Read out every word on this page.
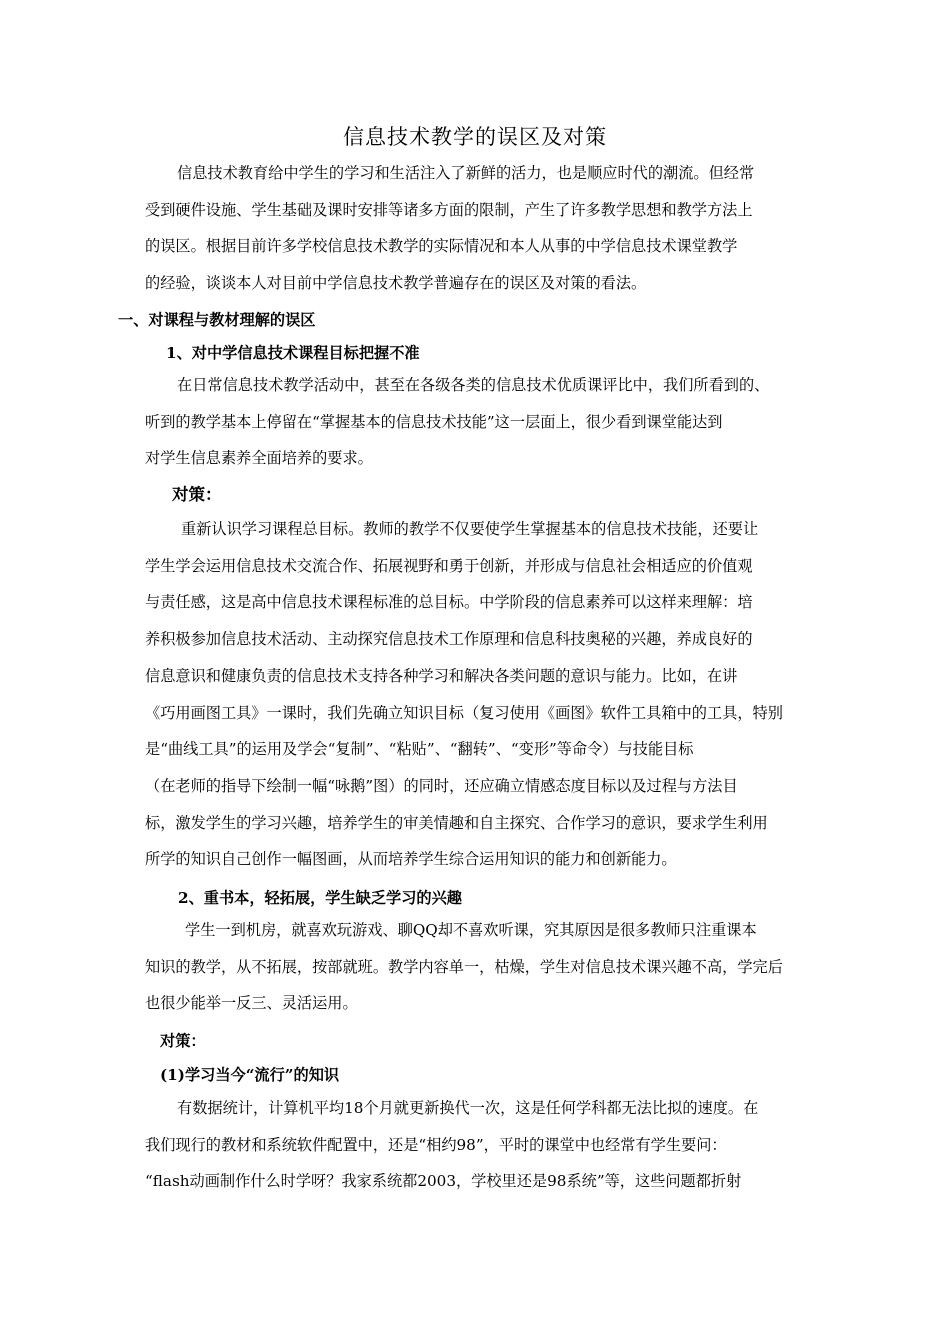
信息技术教学的误区及对策
信息技术教育给中学生的学习和生活注入了新鲜的活力，也是顺应时代的潮流。但经常
受到硬件设施、学生基础及课时安排等诸多方面的限制，产生了许多教学思想和教学方法上
的误区。根据目前许多学校信息技术教学的实际情况和本人从事的中学信息技术课堂教学
的经验，谈谈本人对目前中学信息技术教学普遍存在的误区及对策的看法。
一、对课程与教材理解的误区
1、对中学信息技术课程目标把握不准
在日常信息技术教学活动中，甚至在各级各类的信息技术优质课评比中，我们所看到的、
听到的教学基本上停留在“掌握基本的信息技术技能”这一层面上，很少看到课堂能达到
对学生信息素养全面培养的要求。
对策：
重新认识学习课程总目标。教师的教学不仅要使学生掌握基本的信息技术技能，还要让
学生学会运用信息技术交流合作、拓展视野和勇于创新，并形成与信息社会相适应的价值观
与责任感，这是高中信息技术课程标准的总目标。中学阶段的信息素养可以这样来理解：培
养积极参加信息技术活动、主动探究信息技术工作原理和信息科技奥秘的兴趣，养成良好的
信息意识和健康负责的信息技术支持各种学习和解决各类问题的意识与能力。比如，在讲
《巧用画图工具》一课时，我们先确立知识目标（复习使用《画图》软件工具箱中的工具，特别
是“曲线工具”的运用及学会“复制”、“粘贴”、“翻转”、“变形”等命令）与技能目标
（在老师的指导下绘制一幅“咏鹅”图）的同时，还应确立情感态度目标以及过程与方法目
标，激发学生的学习兴趣，培养学生的审美情趣和自主探究、合作学习的意识，要求学生利用
所学的知识自己创作一幅图画，从而培养学生综合运用知识的能力和创新能力。
2、重书本，轻拓展，学生缺乏学习的兴趣
学生一到机房，就喜欢玩游戏、聊QQ却不喜欢听课，究其原因是很多教师只注重课本
知识的教学，从不拓展，按部就班。教学内容单一，枯燥，学生对信息技术课兴趣不高，学完后
也很少能举一反三、灵活运用。
对策：
(1)学习当今“流行”的知识
有数据统计，计算机平均18个月就更新换代一次，这是任何学科都无法比拟的速度。在
我们现行的教材和系统软件配置中，还是“相约98”，平时的课堂中也经常有学生要问：
“flash动画制作什么时学呀？我家系统都2003，学校里还是98系统”等，这些问题都折射
